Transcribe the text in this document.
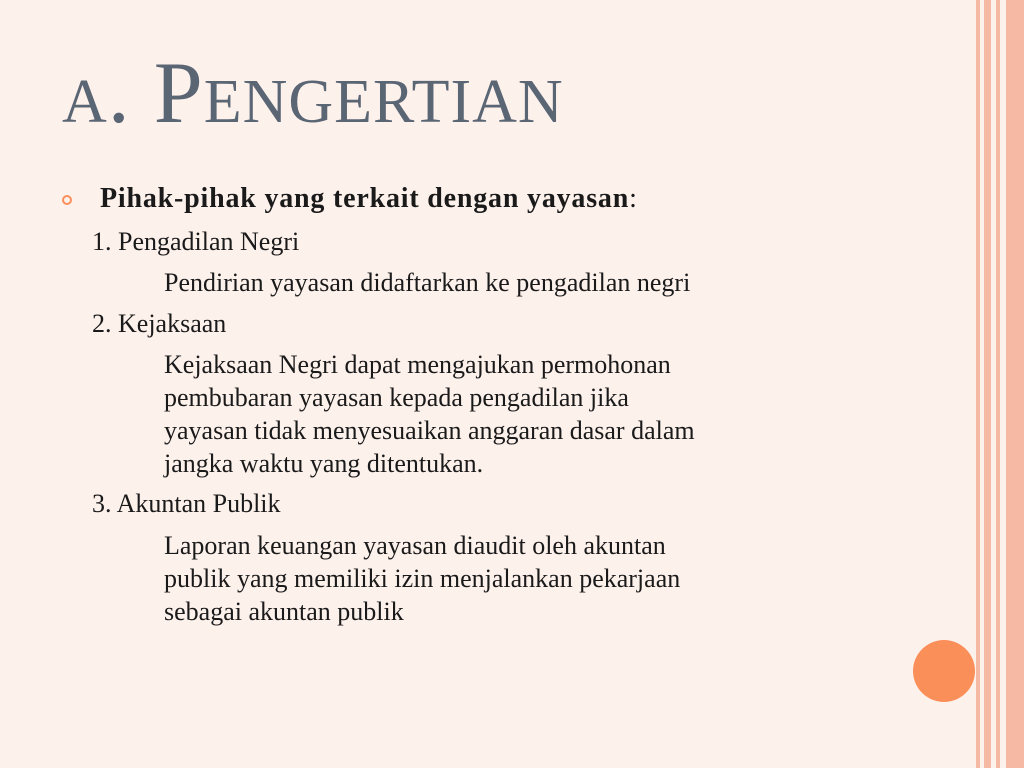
a. Pengertian
Pihak-pihak yang terkait dengan yayasan:
1. Pengadilan Negri
Pendirian yayasan didaftarkan ke pengadilan negri
2. Kejaksaan
Kejaksaan Negri dapat mengajukan permohonan
pembubaran yayasan kepada pengadilan jika
yayasan tidak menyesuaikan anggaran dasar dalam
jangka waktu yang ditentukan.
3. Akuntan Publik
Laporan keuangan yayasan diaudit oleh akuntan
publik yang memiliki izin menjalankan pekarjaan
sebagai akuntan publik
